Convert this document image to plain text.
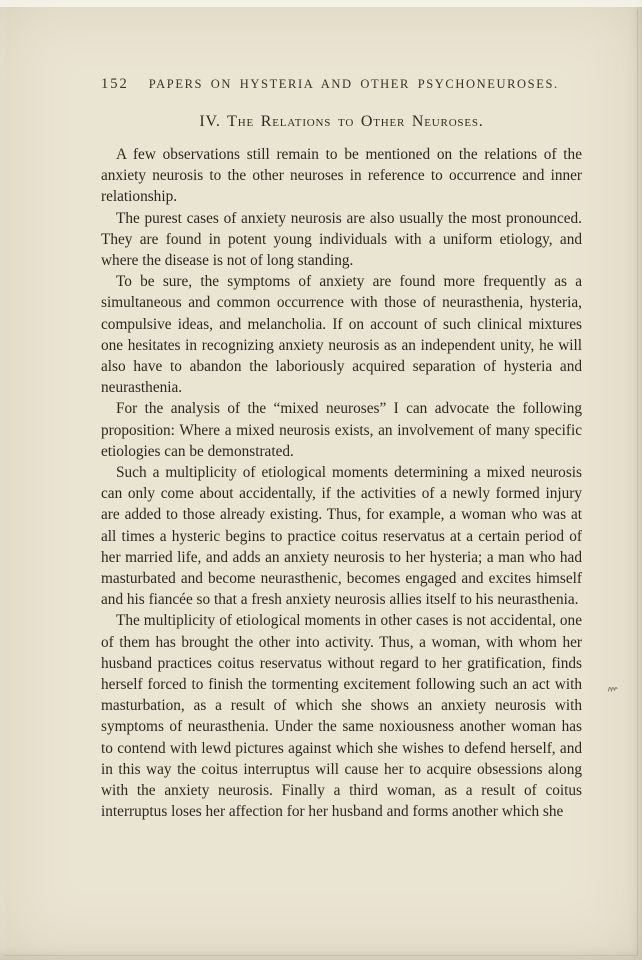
152 PAPERS ON HYSTERIA AND OTHER PSYCHONEUROSES.
IV. The Relations to Other Neuroses.

A few observations still remain to be mentioned on the relations of the anxiety neurosis to the other neuroses in reference to occurrence and inner relationship.

The purest cases of anxiety neurosis are also usually the most pronounced. They are found in potent young individuals with a uniform etiology, and where the disease is not of long standing.

To be sure, the symptoms of anxiety are found more frequently as a simultaneous and common occurrence with those of neurasthenia, hysteria, compulsive ideas, and melancholia. If on account of such clinical mixtures one hesitates in recognizing anxiety neurosis as an independent unity, he will also have to abandon the laboriously acquired separation of hysteria and neurasthenia.

For the analysis of the “mixed neuroses” I can advocate the following proposition: Where a mixed neurosis exists, an involvement of many specific etiologies can be demonstrated.

Such a multiplicity of etiological moments determining a mixed neurosis can only come about accidentally, if the activities of a newly formed injury are added to those already existing. Thus, for example, a woman who was at all times a hysteric begins to practice coitus reservatus at a certain period of her married life, and adds an anxiety neurosis to her hysteria; a man who had masturbated and become neurasthenic, becomes engaged and excites himself and his fiancée so that a fresh anxiety neurosis allies itself to his neurasthenia.

The multiplicity of etiological moments in other cases is not accidental, one of them has brought the other into activity. Thus, a woman, with whom her husband practices coitus reservatus without regard to her gratification, finds herself forced to finish the tormenting excitement following such an act with masturbation, as a result of which she shows an anxiety neurosis with symptoms of neurasthenia. Under the same noxiousness another woman has to contend with lewd pictures against which she wishes to defend herself, and in this way the coitus interruptus will cause her to acquire obsessions along with the anxiety neurosis. Finally a third woman, as a result of coitus interruptus loses her affection for her husband and forms another which she
